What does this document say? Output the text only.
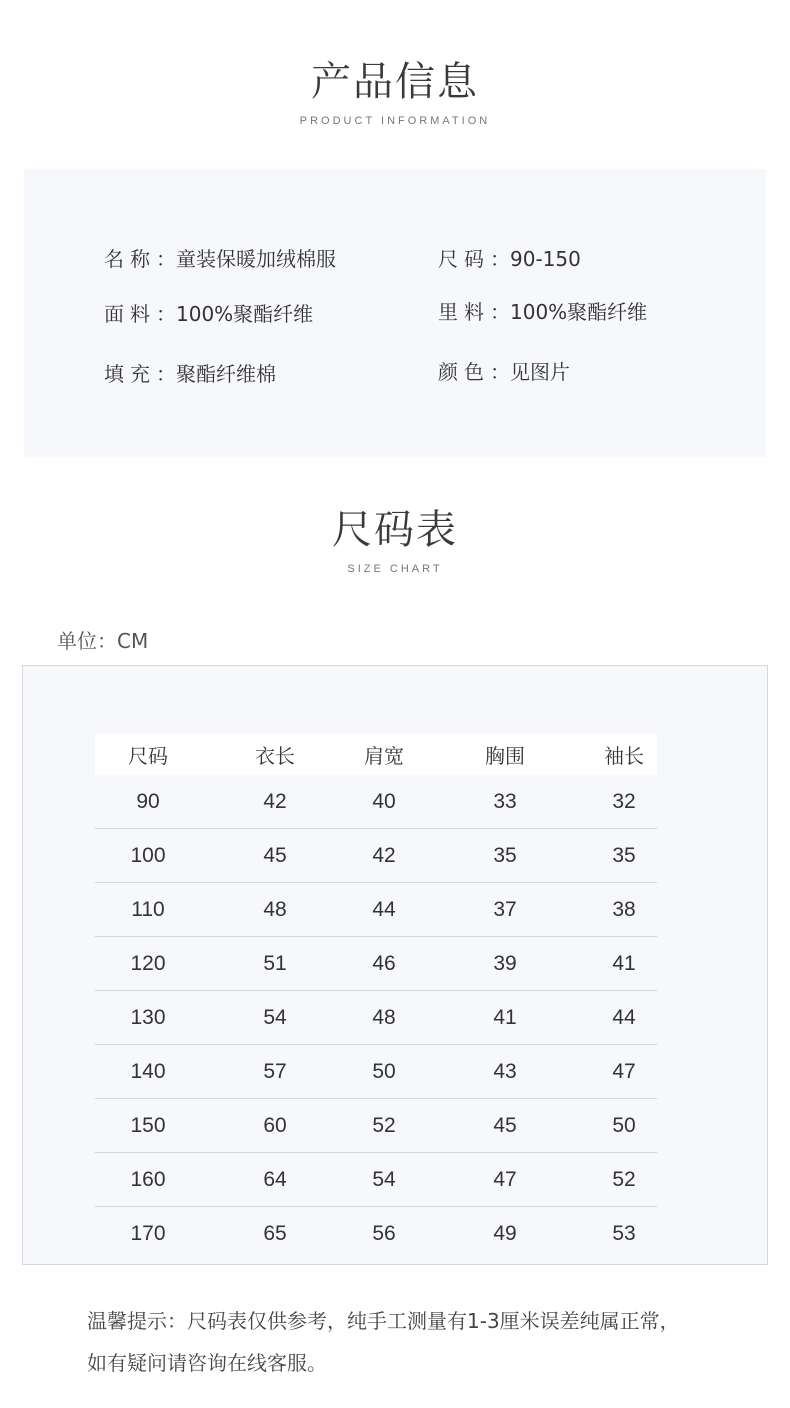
产品信息
PRODUCT INFORMATION
名称：童装保暖加绒棉服	尺码：90-150
面料：100%聚酯纤维	里料：100%聚酯纤维
填充：聚酯纤维棉	颜色：见图片
尺码表
SIZE CHART
单位：CM
尺码	衣长	肩宽	胸围	袖长
90	42	40	33	32
100	45	42	35	35
110	48	44	37	38
120	51	46	39	41
130	54	48	41	44
140	57	50	43	47
150	60	52	45	50
160	64	54	47	52
170	65	56	49	53
温馨提示：尺码表仅供参考，纯手工测量有1-3厘米误差纯属正常，
如有疑问请咨询在线客服。
